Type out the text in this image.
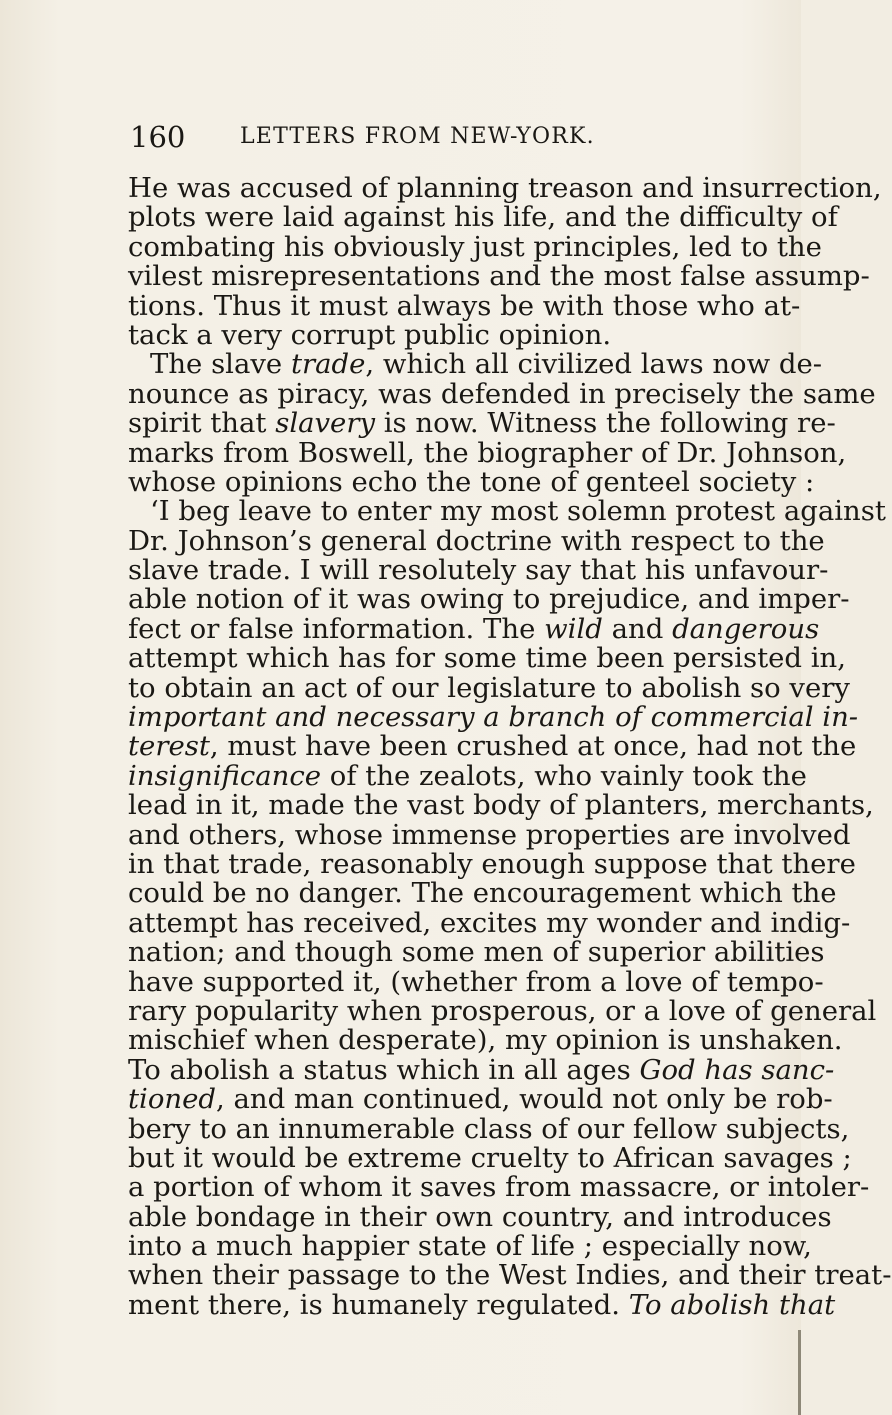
160 LETTERS FROM NEW-YORK.
He was accused of planning treason and insurrection,
plots were laid against his life, and the difficulty of
combating his obviously just principles, led to the
vilest misrepresentations and the most false assump-
tions. Thus it must always be with those who at-
tack a very corrupt public opinion.
The slave trade, which all civilized laws now de-
nounce as piracy, was defended in precisely the same
spirit that slavery is now. Witness the following re-
marks from Boswell, the biographer of Dr. Johnson,
whose opinions echo the tone of genteel society :
‘I beg leave to enter my most solemn protest against
Dr. Johnson’s general doctrine with respect to the
slave trade. I will resolutely say that his unfavour-
able notion of it was owing to prejudice, and imper-
fect or false information. The wild and dangerous
attempt which has for some time been persisted in,
to obtain an act of our legislature to abolish so very
important and necessary a branch of commercial in-
terest, must have been crushed at once, had not the
insignificance of the zealots, who vainly took the
lead in it, made the vast body of planters, merchants,
and others, whose immense properties are involved
in that trade, reasonably enough suppose that there
could be no danger. The encouragement which the
attempt has received, excites my wonder and indig-
nation; and though some men of superior abilities
have supported it, (whether from a love of tempo-
rary popularity when prosperous, or a love of general
mischief when desperate), my opinion is unshaken.
To abolish a status which in all ages God has sanc-
tioned, and man continued, would not only be rob-
bery to an innumerable class of our fellow subjects,
but it would be extreme cruelty to African savages ;
a portion of whom it saves from massacre, or intoler-
able bondage in their own country, and introduces
into a much happier state of life ; especially now,
when their passage to the West Indies, and their treat-
ment there, is humanely regulated. To abolish that
